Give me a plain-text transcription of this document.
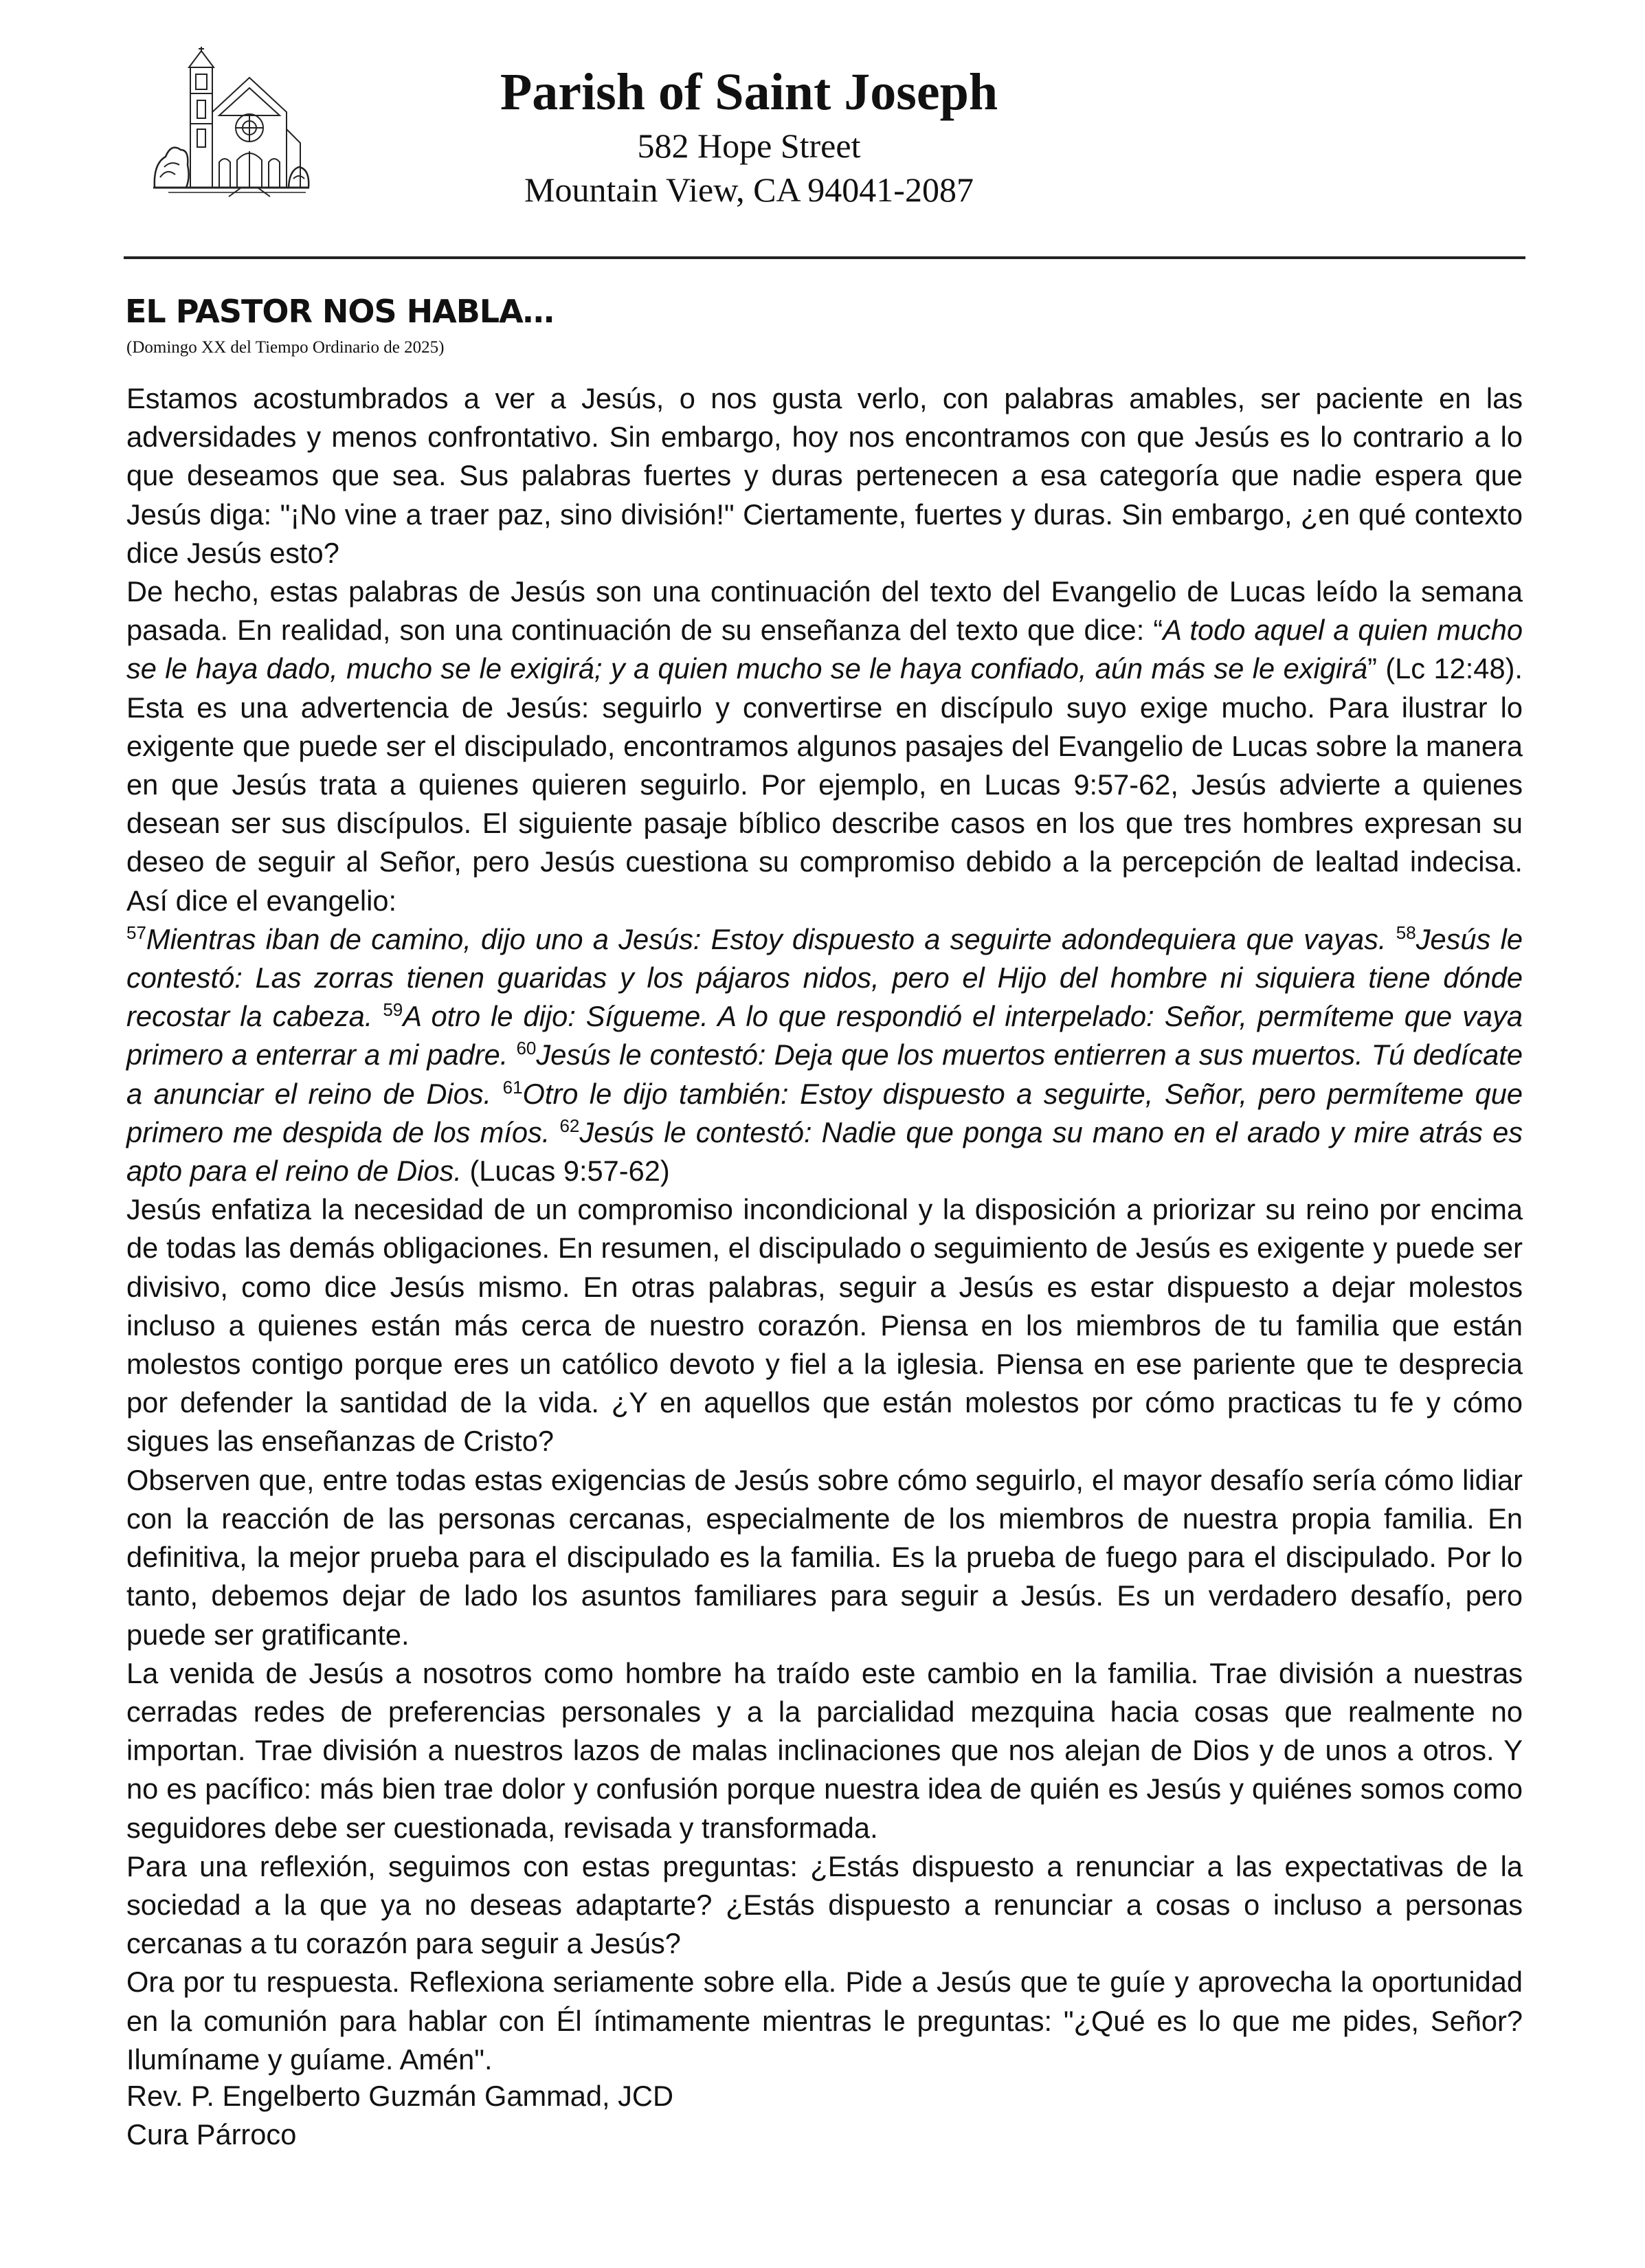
Parish of Saint Joseph

582 Hope Street

Mountain View, CA 94041-2087

EL PASTOR NOS HABLA…

(Domingo XX del Tiempo Ordinario de 2025)

Estamos acostumbrados a ver a Jesús, o nos gusta verlo, con palabras amables, ser paciente en las adversidades y menos confrontativo. Sin embargo, hoy nos encontramos con que Jesús es lo contrario a lo que deseamos que sea. Sus palabras fuertes y duras pertenecen a esa categoría que nadie espera que Jesús diga: "¡No vine a traer paz, sino división!" Ciertamente, fuertes y duras. Sin embargo, ¿en qué contexto dice Jesús esto?

De hecho, estas palabras de Jesús son una continuación del texto del Evangelio de Lucas leído la semana pasada. En realidad, son una continuación de su enseñanza del texto que dice: “A todo aquel a quien mucho se le haya dado, mucho se le exigirá; y a quien mucho se le haya confiado, aún más se le exigirá” (Lc 12:48). Esta es una advertencia de Jesús: seguirlo y convertirse en discípulo suyo exige mucho. Para ilustrar lo exigente que puede ser el discipulado, encontramos algunos pasajes del Evangelio de Lucas sobre la manera en que Jesús trata a quienes quieren seguirlo. Por ejemplo, en Lucas 9:57-62, Jesús advierte a quienes desean ser sus discípulos. El siguiente pasaje bíblico describe casos en los que tres hombres expresan su deseo de seguir al Señor, pero Jesús cuestiona su compromiso debido a la percepción de lealtad indecisa. Así dice el evangelio:

$^{57}$Mientras iban de camino, dijo uno a Jesús: Estoy dispuesto a seguirte adondequiera que vayas. $^{58}$Jesús le contestó: Las zorras tienen guaridas y los pájaros nidos, pero el Hijo del hombre ni siquiera tiene dónde recostar la cabeza. $^{59}$A otro le dijo: Sígueme. A lo que respondió el interpelado: Señor, permíteme que vaya primero a enterrar a mi padre. $^{60}$Jesús le contestó: Deja que los muertos entierren a sus muertos. Tú dedícate a anunciar el reino de Dios. $^{61}$Otro le dijo también: Estoy dispuesto a seguirte, Señor, pero permíteme que primero me despida de los míos. $^{62}$Jesús le contestó: Nadie que ponga su mano en el arado y mire atrás es apto para el reino de Dios. (Lucas 9:57-62)

Jesús enfatiza la necesidad de un compromiso incondicional y la disposición a priorizar su reino por encima de todas las demás obligaciones. En resumen, el discipulado o seguimiento de Jesús es exigente y puede ser divisivo, como dice Jesús mismo. En otras palabras, seguir a Jesús es estar dispuesto a dejar molestos incluso a quienes están más cerca de nuestro corazón. Piensa en los miembros de tu familia que están molestos contigo porque eres un católico devoto y fiel a la iglesia. Piensa en ese pariente que te desprecia por defender la santidad de la vida. ¿Y en aquellos que están molestos por cómo practicas tu fe y cómo sigues las enseñanzas de Cristo?

Observen que, entre todas estas exigencias de Jesús sobre cómo seguirlo, el mayor desafío sería cómo lidiar con la reacción de las personas cercanas, especialmente de los miembros de nuestra propia familia. En definitiva, la mejor prueba para el discipulado es la familia. Es la prueba de fuego para el discipulado. Por lo tanto, debemos dejar de lado los asuntos familiares para seguir a Jesús. Es un verdadero desafío, pero puede ser gratificante.

La venida de Jesús a nosotros como hombre ha traído este cambio en la familia. Trae división a nuestras cerradas redes de preferencias personales y a la parcialidad mezquina hacia cosas que realmente no importan. Trae división a nuestros lazos de malas inclinaciones que nos alejan de Dios y de unos a otros. Y no es pacífico: más bien trae dolor y confusión porque nuestra idea de quién es Jesús y quiénes somos como seguidores debe ser cuestionada, revisada y transformada.

Para una reflexión, seguimos con estas preguntas: ¿Estás dispuesto a renunciar a las expectativas de la sociedad a la que ya no deseas adaptarte? ¿Estás dispuesto a renunciar a cosas o incluso a personas cercanas a tu corazón para seguir a Jesús?

Ora por tu respuesta. Reflexiona seriamente sobre ella. Pide a Jesús que te guíe y aprovecha la oportunidad en la comunión para hablar con Él íntimamente mientras le preguntas: "¿Qué es lo que me pides, Señor? Ilumíname y guíame. Amén".

Rev. P. Engelberto Guzmán Gammad, JCD

Cura Párroco
